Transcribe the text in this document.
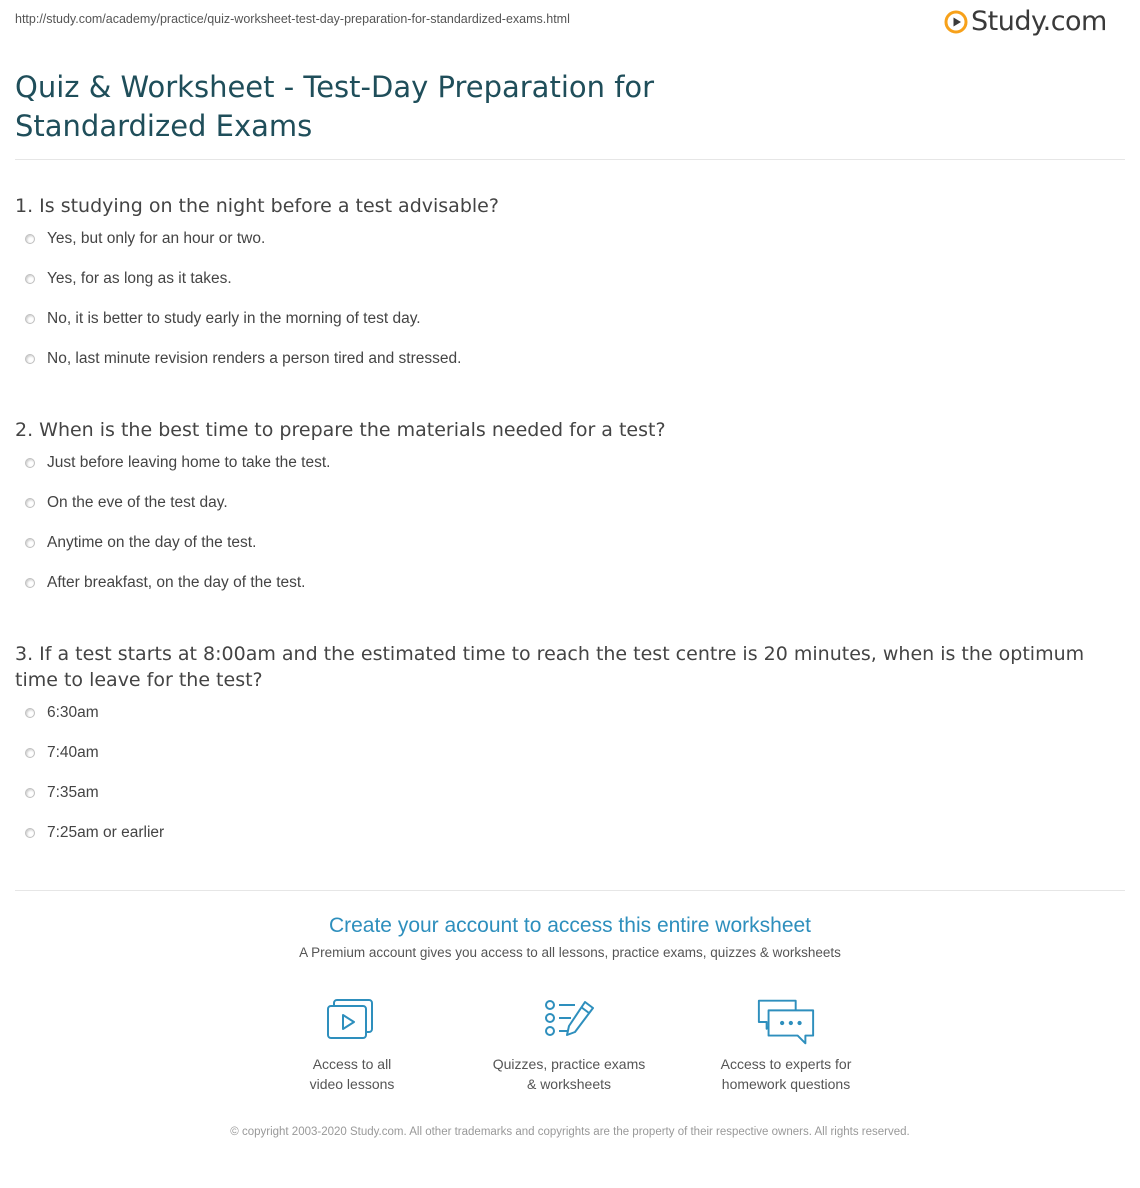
http://study.com/academy/practice/quiz-worksheet-test-day-preparation-for-standardized-exams.html	Study.com
Quiz & Worksheet - Test-Day Preparation for Standardized Exams
1. Is studying on the night before a test advisable?
Yes, but only for an hour or two.
Yes, for as long as it takes.
No, it is better to study early in the morning of test day.
No, last minute revision renders a person tired and stressed.
2. When is the best time to prepare the materials needed for a test?
Just before leaving home to take the test.
On the eve of the test day.
Anytime on the day of the test.
After breakfast, on the day of the test.
3. If a test starts at 8:00am and the estimated time to reach the test centre is 20 minutes, when is the optimum time to leave for the test?
6:30am
7:40am
7:35am
7:25am or earlier
Create your account to access this entire worksheet
A Premium account gives you access to all lessons, practice exams, quizzes & worksheets
Access to all
video lessons
Quizzes, practice exams
& worksheets
Access to experts for
homework questions
© copyright 2003-2020 Study.com. All other trademarks and copyrights are the property of their respective owners. All rights reserved.
